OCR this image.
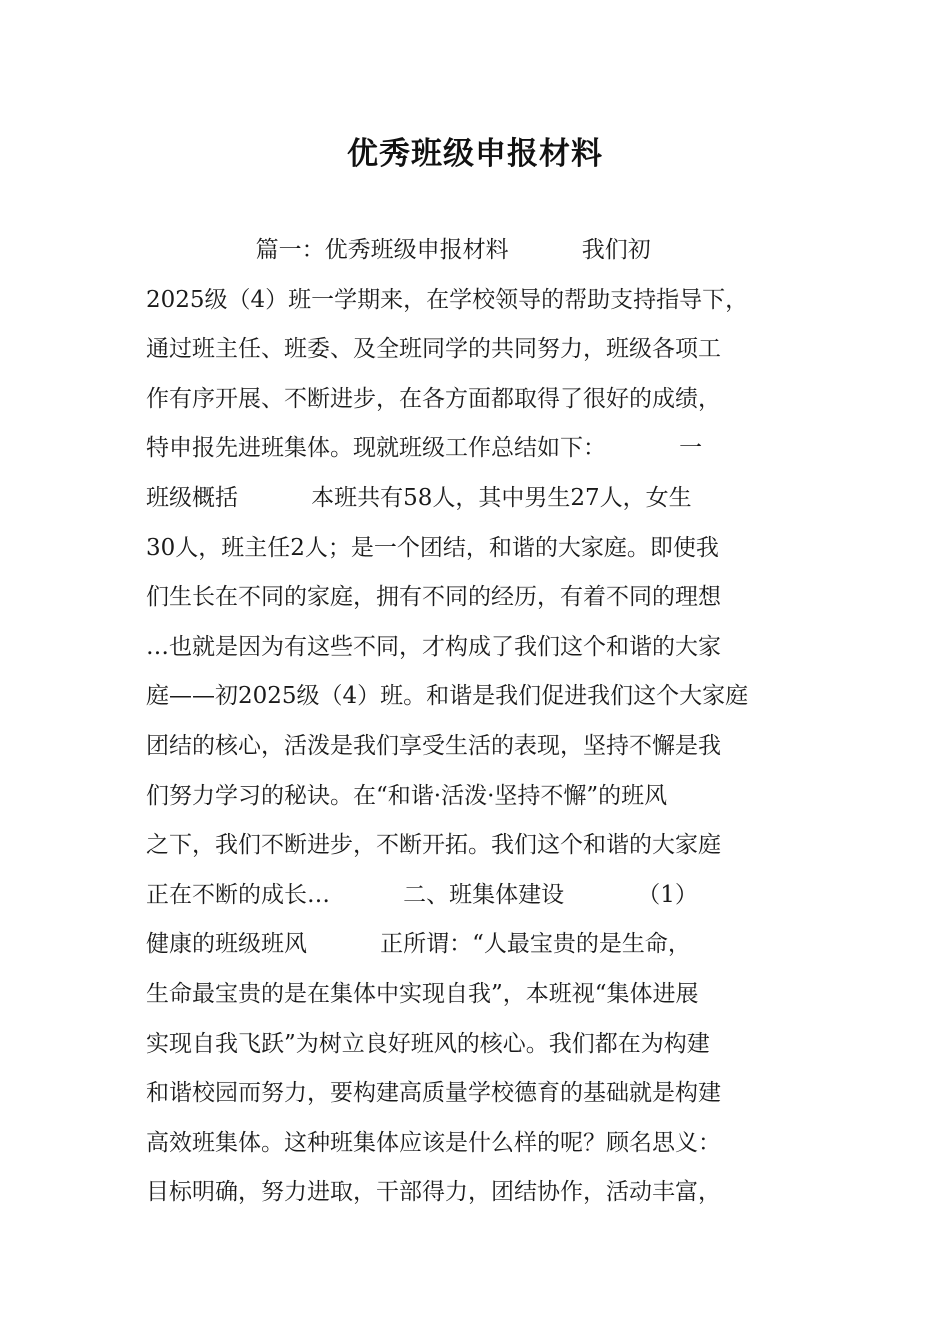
优秀班级申报材料
篇一：优秀班级申报材料          我们初
2025级（4）班一学期来，在学校领导的帮助支持指导下，
通过班主任、班委、及全班同学的共同努力，班级各项工
作有序开展、不断进步，在各方面都取得了很好的成绩，
特申报先进班集体。现就班级工作总结如下：          一
班级概括          本班共有58人，其中男生27人，女生
30人，班主任2人；是一个团结，和谐的大家庭。即使我
们生长在不同的家庭，拥有不同的经历，有着不同的理想
…也就是因为有这些不同，才构成了我们这个和谐的大家
庭——初2025级（4）班。和谐是我们促进我们这个大家庭
团结的核心，活泼是我们享受生活的表现，坚持不懈是我
们努力学习的秘诀。在“和谐·活泼·坚持不懈”的班风
之下，我们不断进步，不断开拓。我们这个和谐的大家庭
正在不断的成长…          二、班集体建设          （1）
健康的班级班风          正所谓：“人最宝贵的是生命，
生命最宝贵的是在集体中实现自我”，本班视“集体进展
实现自我飞跃”为树立良好班风的核心。我们都在为构建
和谐校园而努力，要构建高质量学校德育的基础就是构建
高效班集体。这种班集体应该是什么样的呢？顾名思义：
目标明确，努力进取，干部得力，团结协作，活动丰富，
